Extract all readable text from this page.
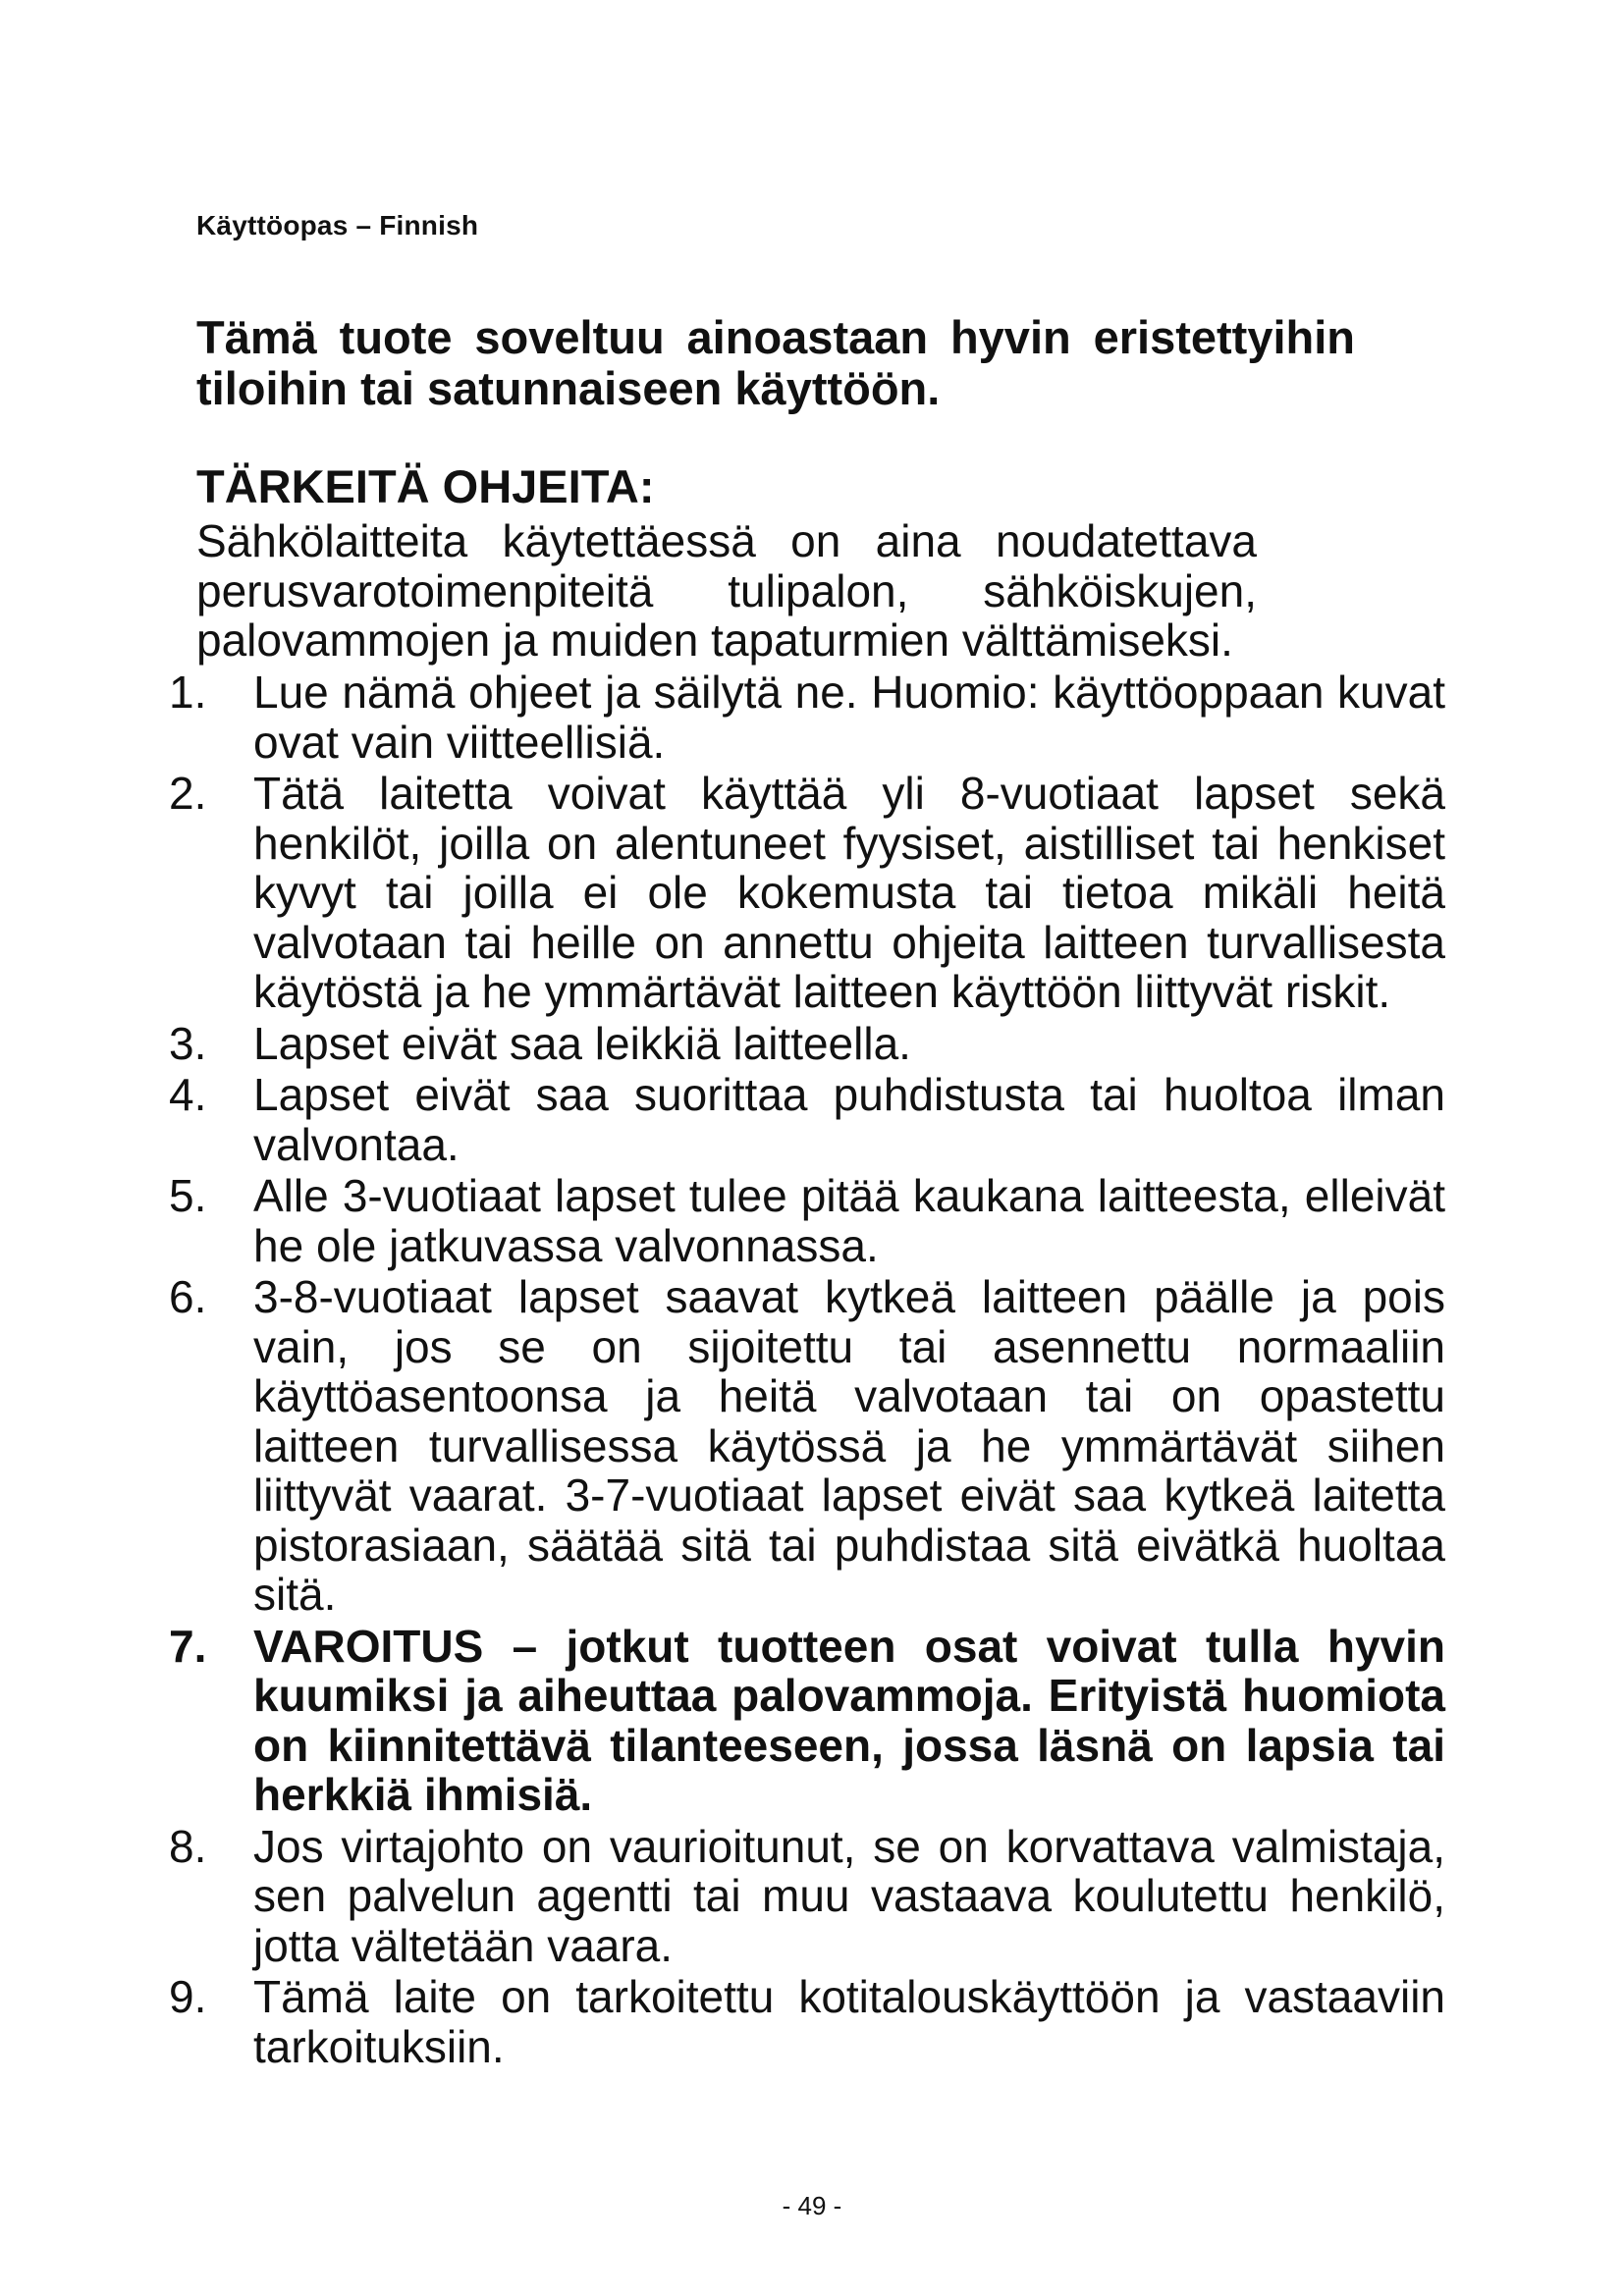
Käyttöopas – Finnish
Tämä tuote soveltuu ainoastaan hyvin eristettyihin tiloihin tai satunnaiseen käyttöön.
TÄRKEITÄ OHJEITA:
Sähkölaitteita käytettäessä on aina noudatettava perusvarotoimenpiteitä tulipalon, sähköiskujen, palovammojen ja muiden tapaturmien välttämiseksi.
1.	Lue nämä ohjeet ja säilytä ne. Huomio: käyttöoppaan kuvat ovat vain viitteellisiä.
2.	Tätä laitetta voivat käyttää yli 8-vuotiaat lapset sekä henkilöt, joilla on alentuneet fyysiset, aistilliset tai henkiset kyvyt tai joilla ei ole kokemusta tai tietoa mikäli heitä valvotaan tai heille on annettu ohjeita laitteen turvallisesta käytöstä ja he ymmärtävät laitteen käyttöön liittyvät riskit.
3.	Lapset eivät saa leikkiä laitteella.
4.	Lapset eivät saa suorittaa puhdistusta tai huoltoa ilman valvontaa.
5.	Alle 3-vuotiaat lapset tulee pitää kaukana laitteesta, elleivät he ole jatkuvassa valvonnassa.
6.	3-8-vuotiaat lapset saavat kytkeä laitteen päälle ja pois vain, jos se on sijoitettu tai asennettu normaaliin käyttöasentoonsa ja heitä valvotaan tai on opastettu laitteen turvallisessa käytössä ja he ymmärtävät siihen liittyvät vaarat. 3-7-vuotiaat lapset eivät saa kytkeä laitetta pistorasiaan, säätää sitä tai puhdistaa sitä eivätkä huoltaa sitä.
7.	VAROITUS – jotkut tuotteen osat voivat tulla hyvin kuumiksi ja aiheuttaa palovammoja. Erityistä huomiota on kiinnitettävä tilanteeseen, jossa läsnä on lapsia tai herkkiä ihmisiä.
8.	Jos virtajohto on vaurioitunut, se on korvattava valmistaja, sen palvelun agentti tai muu vastaava koulutettu henkilö, jotta vältetään vaara.
9.	Tämä laite on tarkoitettu kotitalouskäyttöön ja vastaaviin tarkoituksiin.
- 49 -
